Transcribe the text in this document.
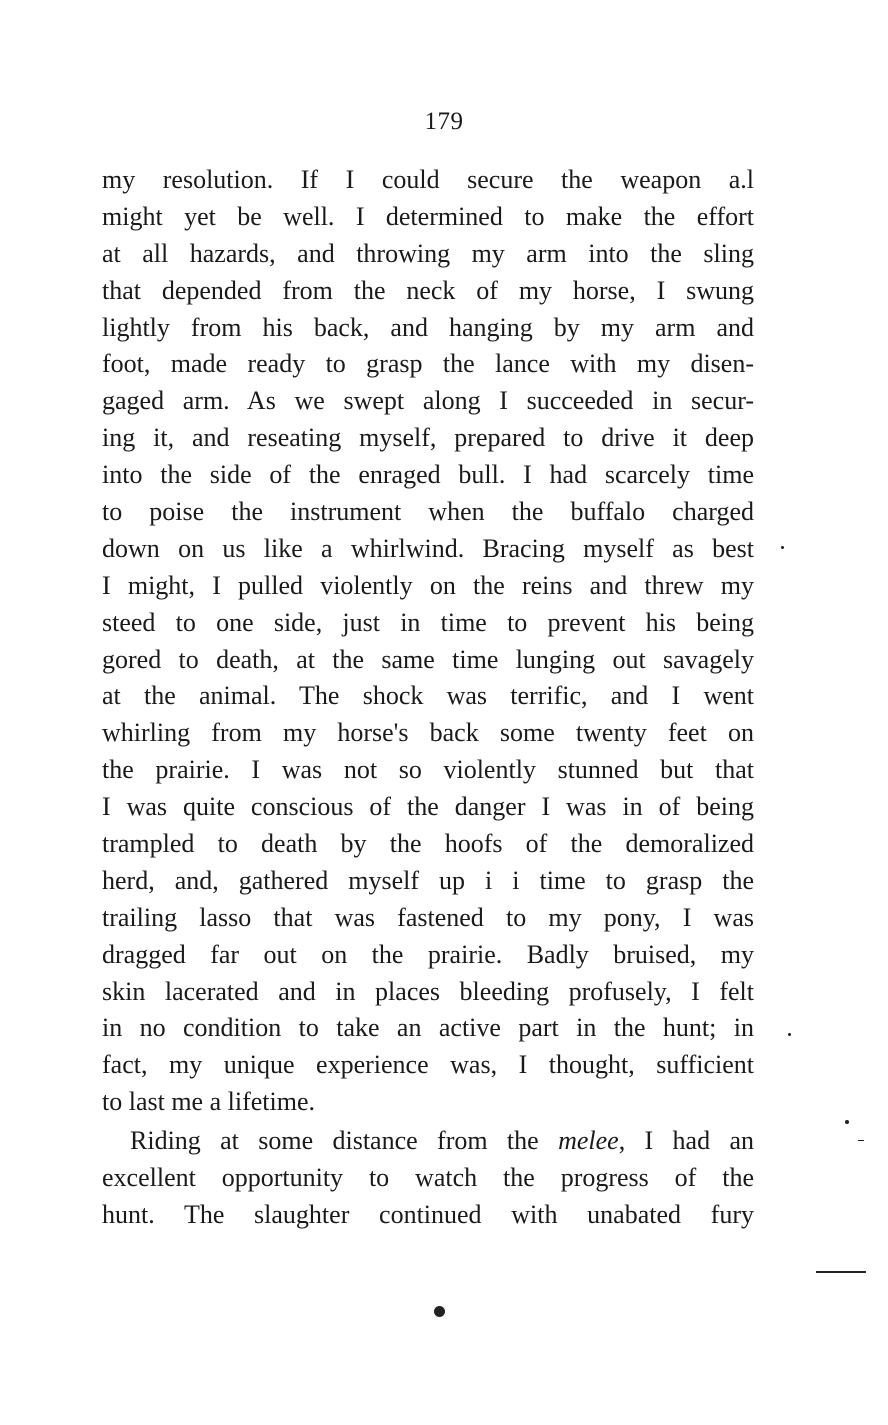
179
my resolution. If I could secure the weapon a.l
might yet be well. I determined to make the effort
at all hazards, and throwing my arm into the sling
that depended from the neck of my horse, I swung
lightly from his back, and hanging by my arm and
foot, made ready to grasp the lance with my disen-
gaged arm. As we swept along I succeeded in secur-
ing it, and reseating myself, prepared to drive it deep
into the side of the enraged bull. I had scarcely time
to poise the instrument when the buffalo charged
down on us like a whirlwind. Bracing myself as best
I might, I pulled violently on the reins and threw my
steed to one side, just in time to prevent his being
gored to death, at the same time lunging out savagely
at the animal. The shock was terrific, and I went
whirling from my horse's back some twenty feet on
the prairie. I was not so violently stunned but that
I was quite conscious of the danger I was in of being
trampled to death by the hoofs of the demoralized
herd, and, gathered myself up i i time to grasp the
trailing lasso that was fastened to my pony, I was
dragged far out on the prairie. Badly bruised, my
skin lacerated and in places bleeding profusely, I felt
in no condition to take an active part in the hunt; in
fact, my unique experience was, I thought, sufficient
to last me a lifetime.
Riding at some distance from the melee, I had an
excellent opportunity to watch the progress of the
hunt. The slaughter continued with unabated fury
